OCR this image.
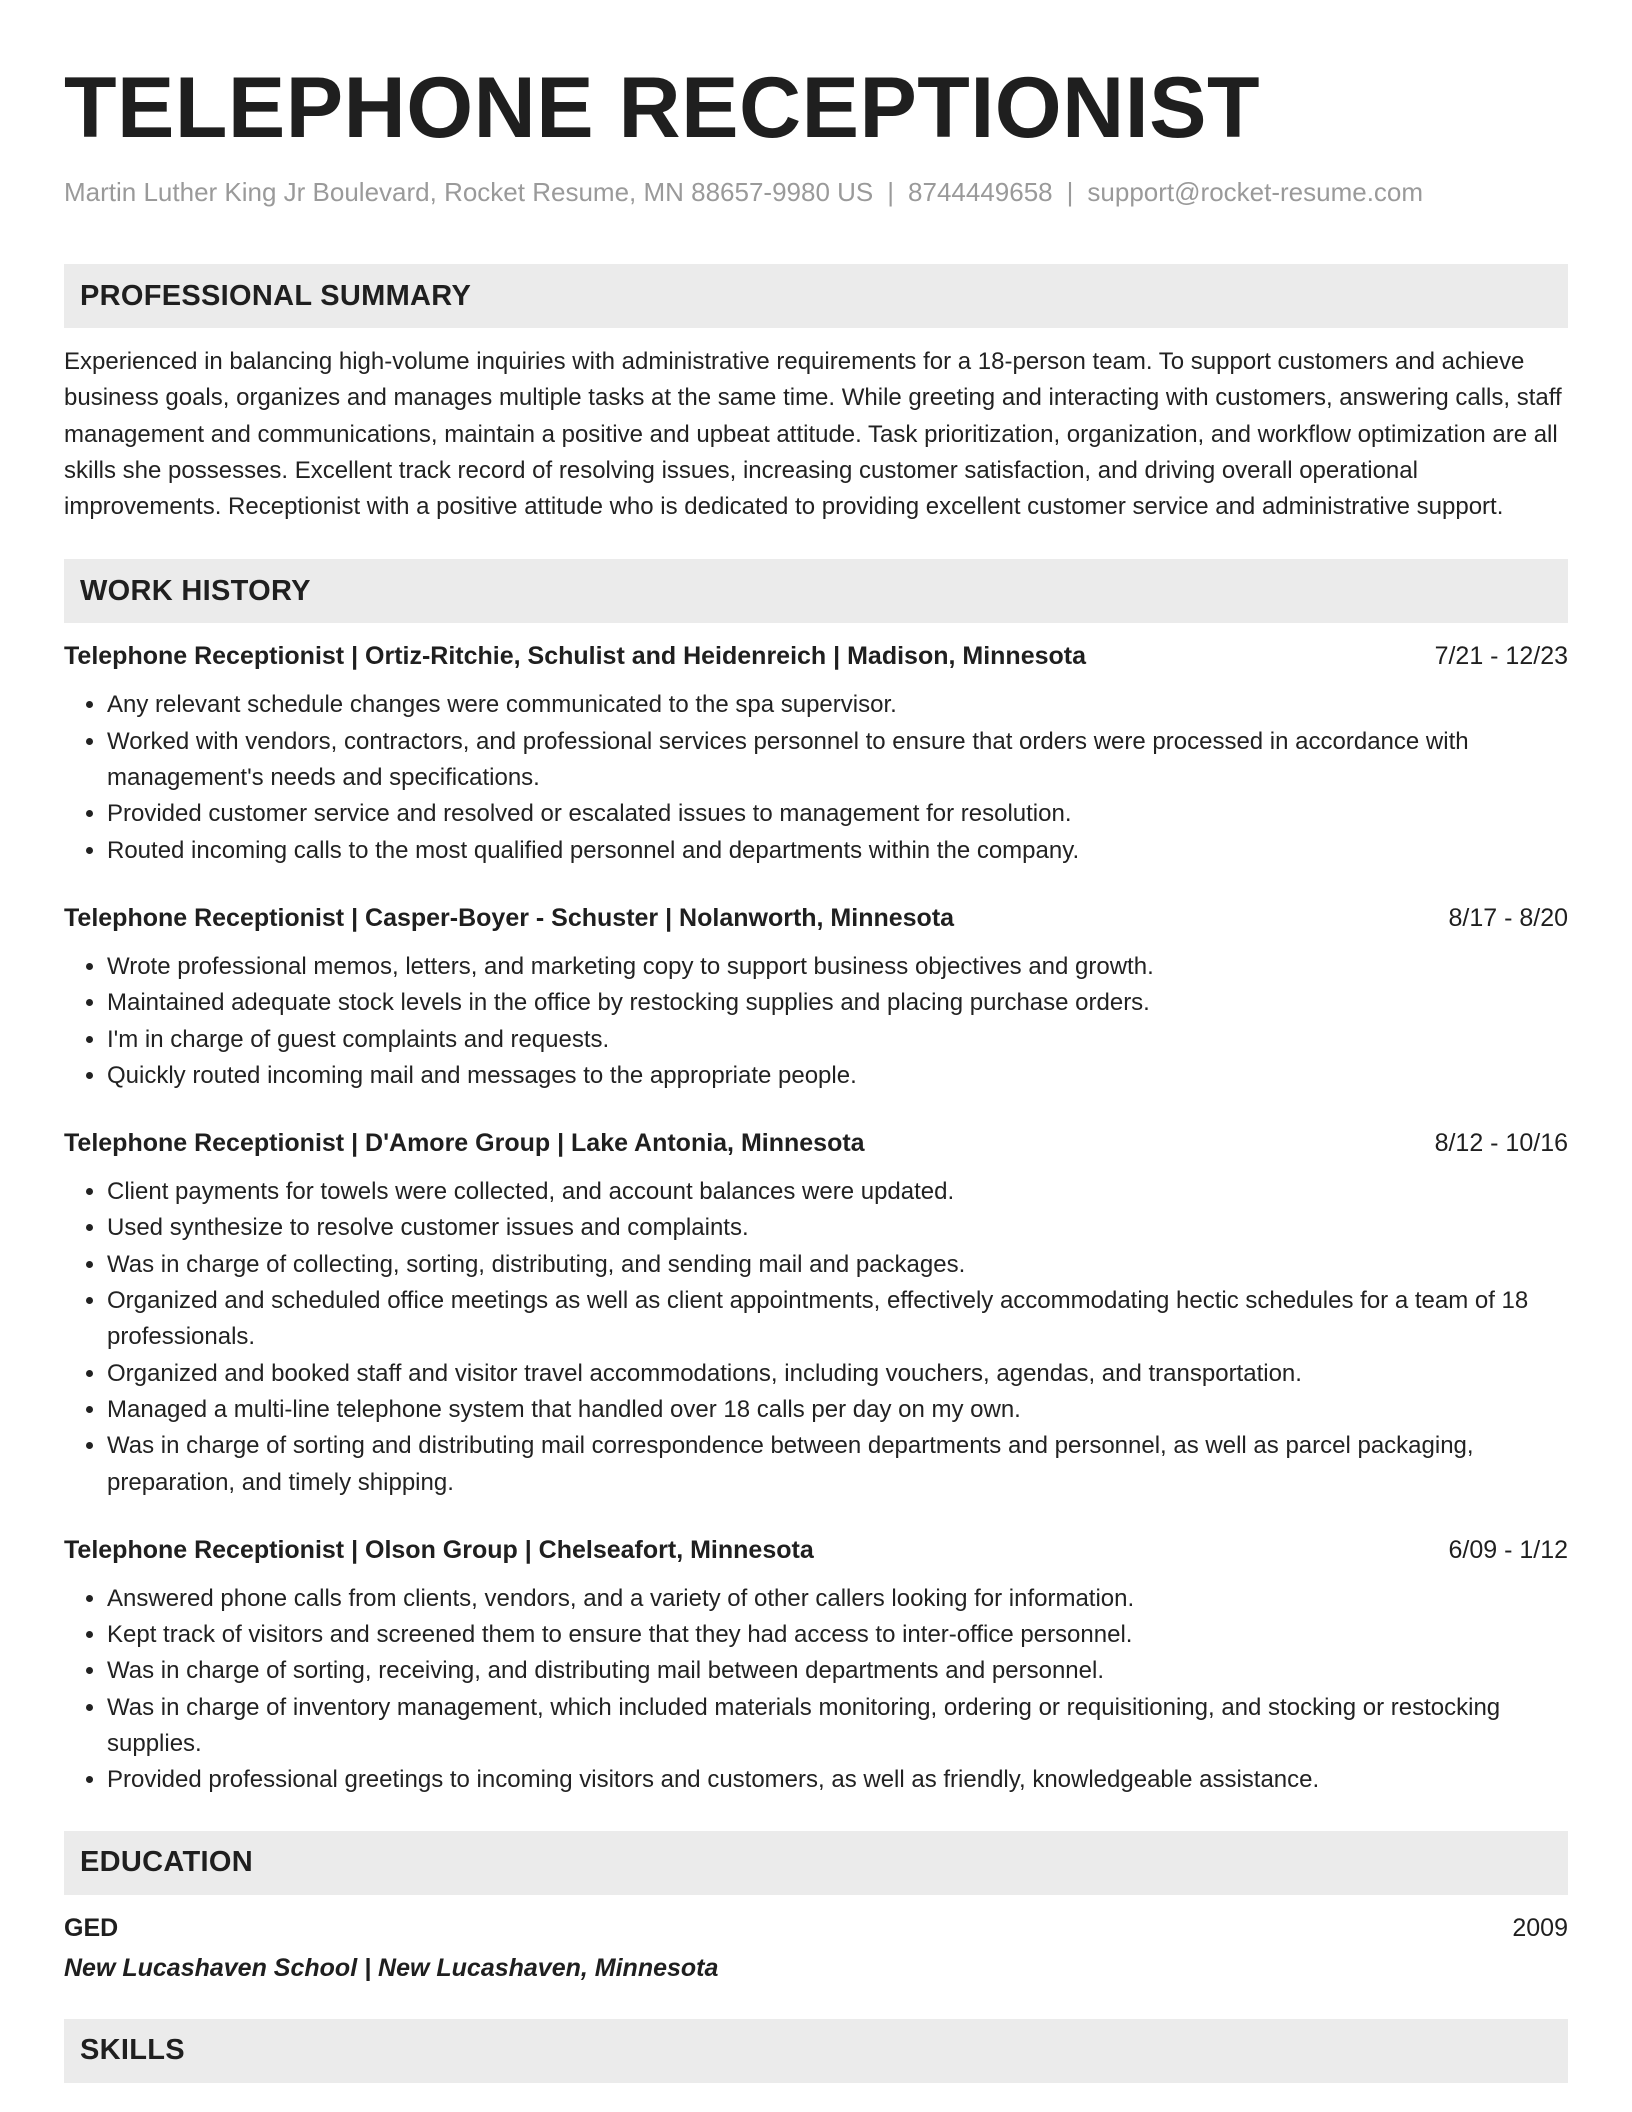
TELEPHONE RECEPTIONIST
Martin Luther King Jr Boulevard, Rocket Resume, MN 88657-9980 US | 8744449658 | support@rocket-resume.com
PROFESSIONAL SUMMARY
Experienced in balancing high-volume inquiries with administrative requirements for a 18-person team. To support customers and achieve business goals, organizes and manages multiple tasks at the same time. While greeting and interacting with customers, answering calls, staff management and communications, maintain a positive and upbeat attitude. Task prioritization, organization, and workflow optimization are all skills she possesses. Excellent track record of resolving issues, increasing customer satisfaction, and driving overall operational improvements. Receptionist with a positive attitude who is dedicated to providing excellent customer service and administrative support.
WORK HISTORY
Telephone Receptionist | Ortiz-Ritchie, Schulist and Heidenreich | Madison, Minnesota	7/21 - 12/23
• Any relevant schedule changes were communicated to the spa supervisor.
• Worked with vendors, contractors, and professional services personnel to ensure that orders were processed in accordance with management's needs and specifications.
• Provided customer service and resolved or escalated issues to management for resolution.
• Routed incoming calls to the most qualified personnel and departments within the company.
Telephone Receptionist | Casper-Boyer - Schuster | Nolanworth, Minnesota	8/17 - 8/20
• Wrote professional memos, letters, and marketing copy to support business objectives and growth.
• Maintained adequate stock levels in the office by restocking supplies and placing purchase orders.
• I'm in charge of guest complaints and requests.
• Quickly routed incoming mail and messages to the appropriate people.
Telephone Receptionist | D'Amore Group | Lake Antonia, Minnesota	8/12 - 10/16
• Client payments for towels were collected, and account balances were updated.
• Used synthesize to resolve customer issues and complaints.
• Was in charge of collecting, sorting, distributing, and sending mail and packages.
• Organized and scheduled office meetings as well as client appointments, effectively accommodating hectic schedules for a team of 18 professionals.
• Organized and booked staff and visitor travel accommodations, including vouchers, agendas, and transportation.
• Managed a multi-line telephone system that handled over 18 calls per day on my own.
• Was in charge of sorting and distributing mail correspondence between departments and personnel, as well as parcel packaging, preparation, and timely shipping.
Telephone Receptionist | Olson Group | Chelseafort, Minnesota	6/09 - 1/12
• Answered phone calls from clients, vendors, and a variety of other callers looking for information.
• Kept track of visitors and screened them to ensure that they had access to inter-office personnel.
• Was in charge of sorting, receiving, and distributing mail between departments and personnel.
• Was in charge of inventory management, which included materials monitoring, ordering or requisitioning, and stocking or restocking supplies.
• Provided professional greetings to incoming visitors and customers, as well as friendly, knowledgeable assistance.
EDUCATION
GED	2009
New Lucashaven School | New Lucashaven, Minnesota
SKILLS
